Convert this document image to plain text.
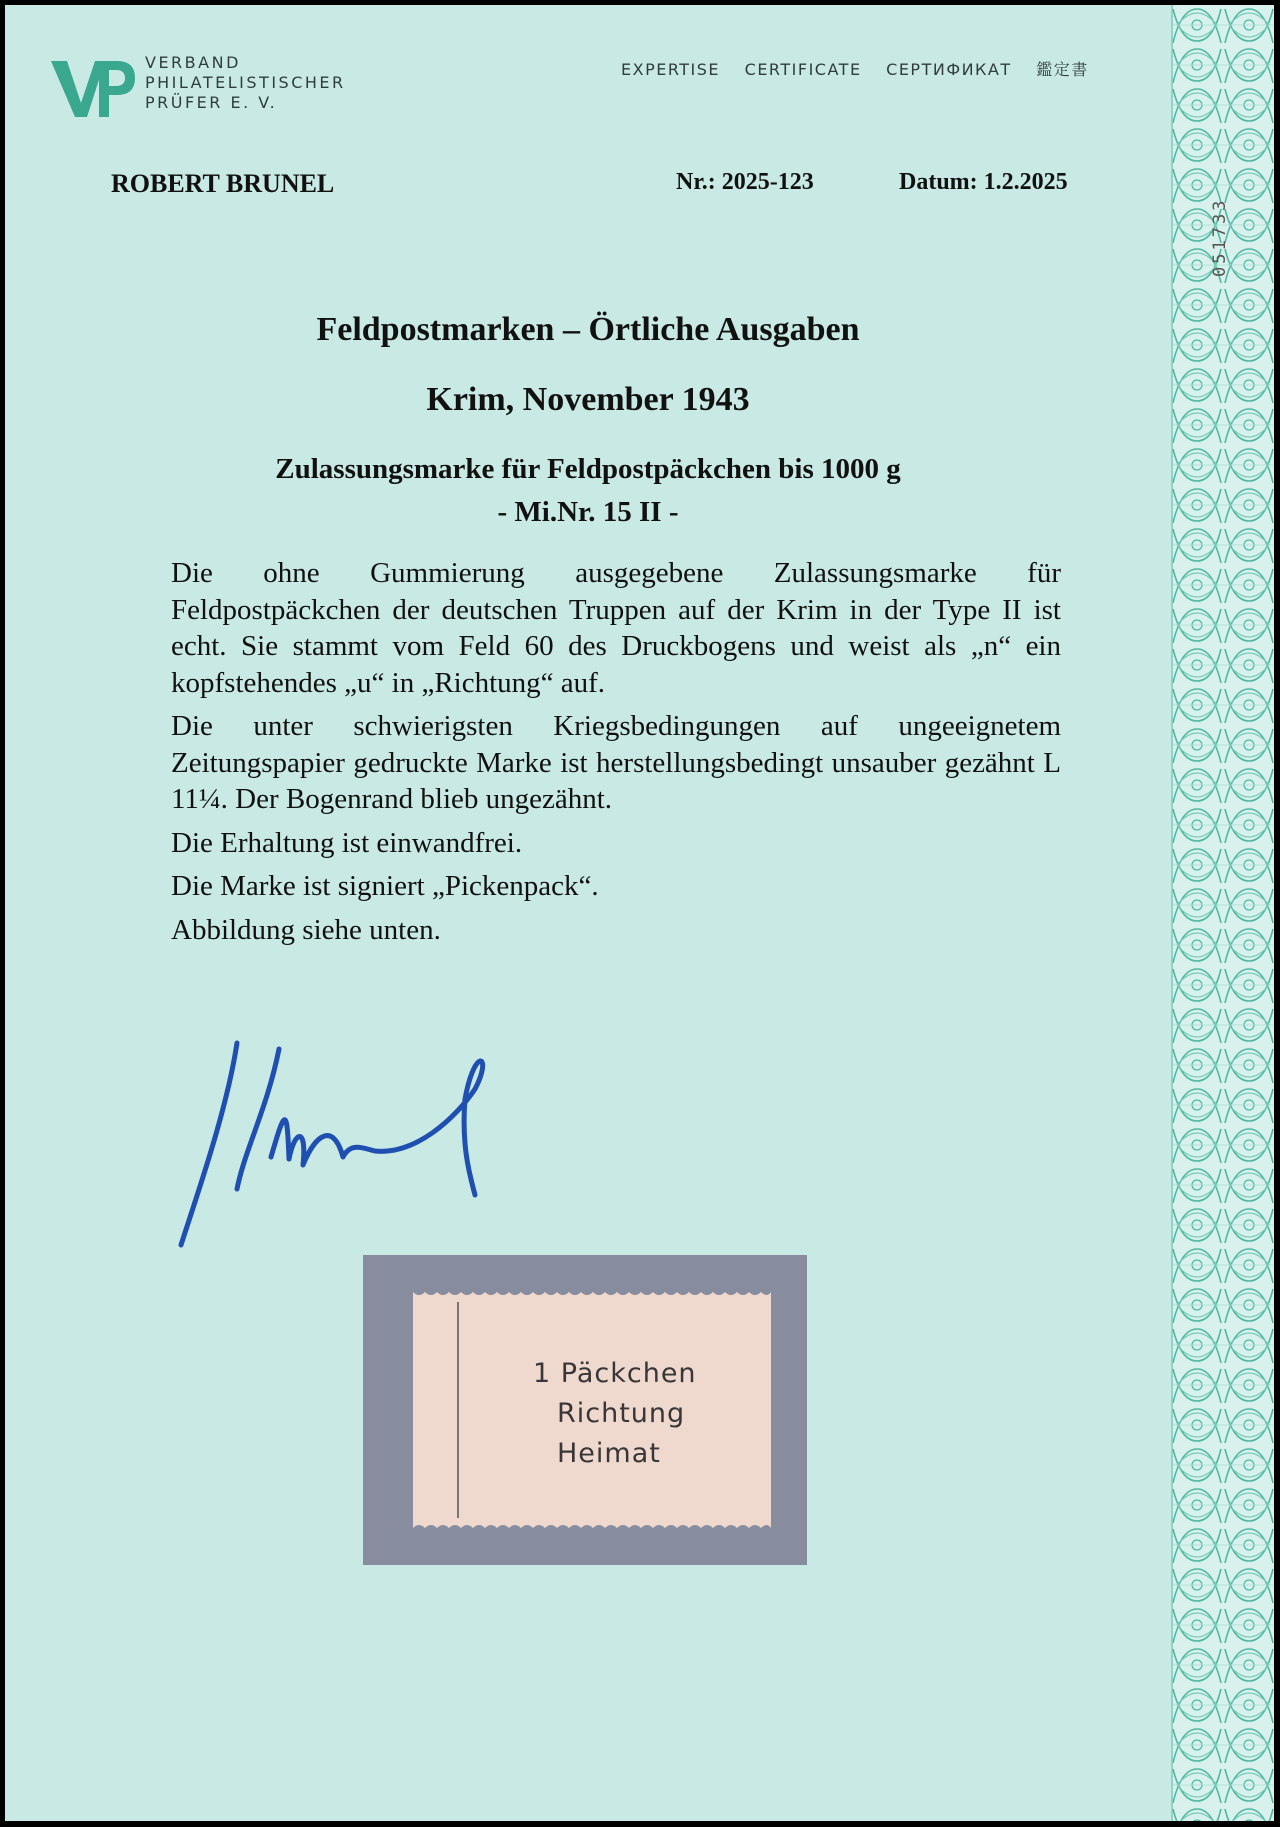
051733
VERBAND
PHILATELISTISCHER
PRÜFER E. V.
EXPERTISE CERTIFICATE СЕРТИФИКАТ 鑑定書
ROBERT BRUNEL	Nr.: 2025-123	Datum: 1.2.2025
Feldpostmarken – Örtliche Ausgaben
Krim, November 1943
Zulassungsmarke für Feldpostpäckchen bis 1000 g
- Mi.Nr. 15 II -

Die ohne Gummierung ausgegebene Zulassungsmarke für Feldpostpäckchen der deutschen Truppen auf der Krim in der Type II ist echt. Sie stammt vom Feld 60 des Druckbogens und weist als „n“ ein kopfstehendes „u“ in „Richtung“ auf.

Die unter schwierigsten Kriegsbedingungen auf ungeeignetem Zeitungspapier gedruckte Marke ist herstellungsbedingt unsauber gezähnt L 11¼. Der Bogenrand blieb ungezähnt.

Die Erhaltung ist einwandfrei.

Die Marke ist signiert „Pickenpack“.

Abbildung siehe unten.

1 Päckchen
Richtung
Heimat
